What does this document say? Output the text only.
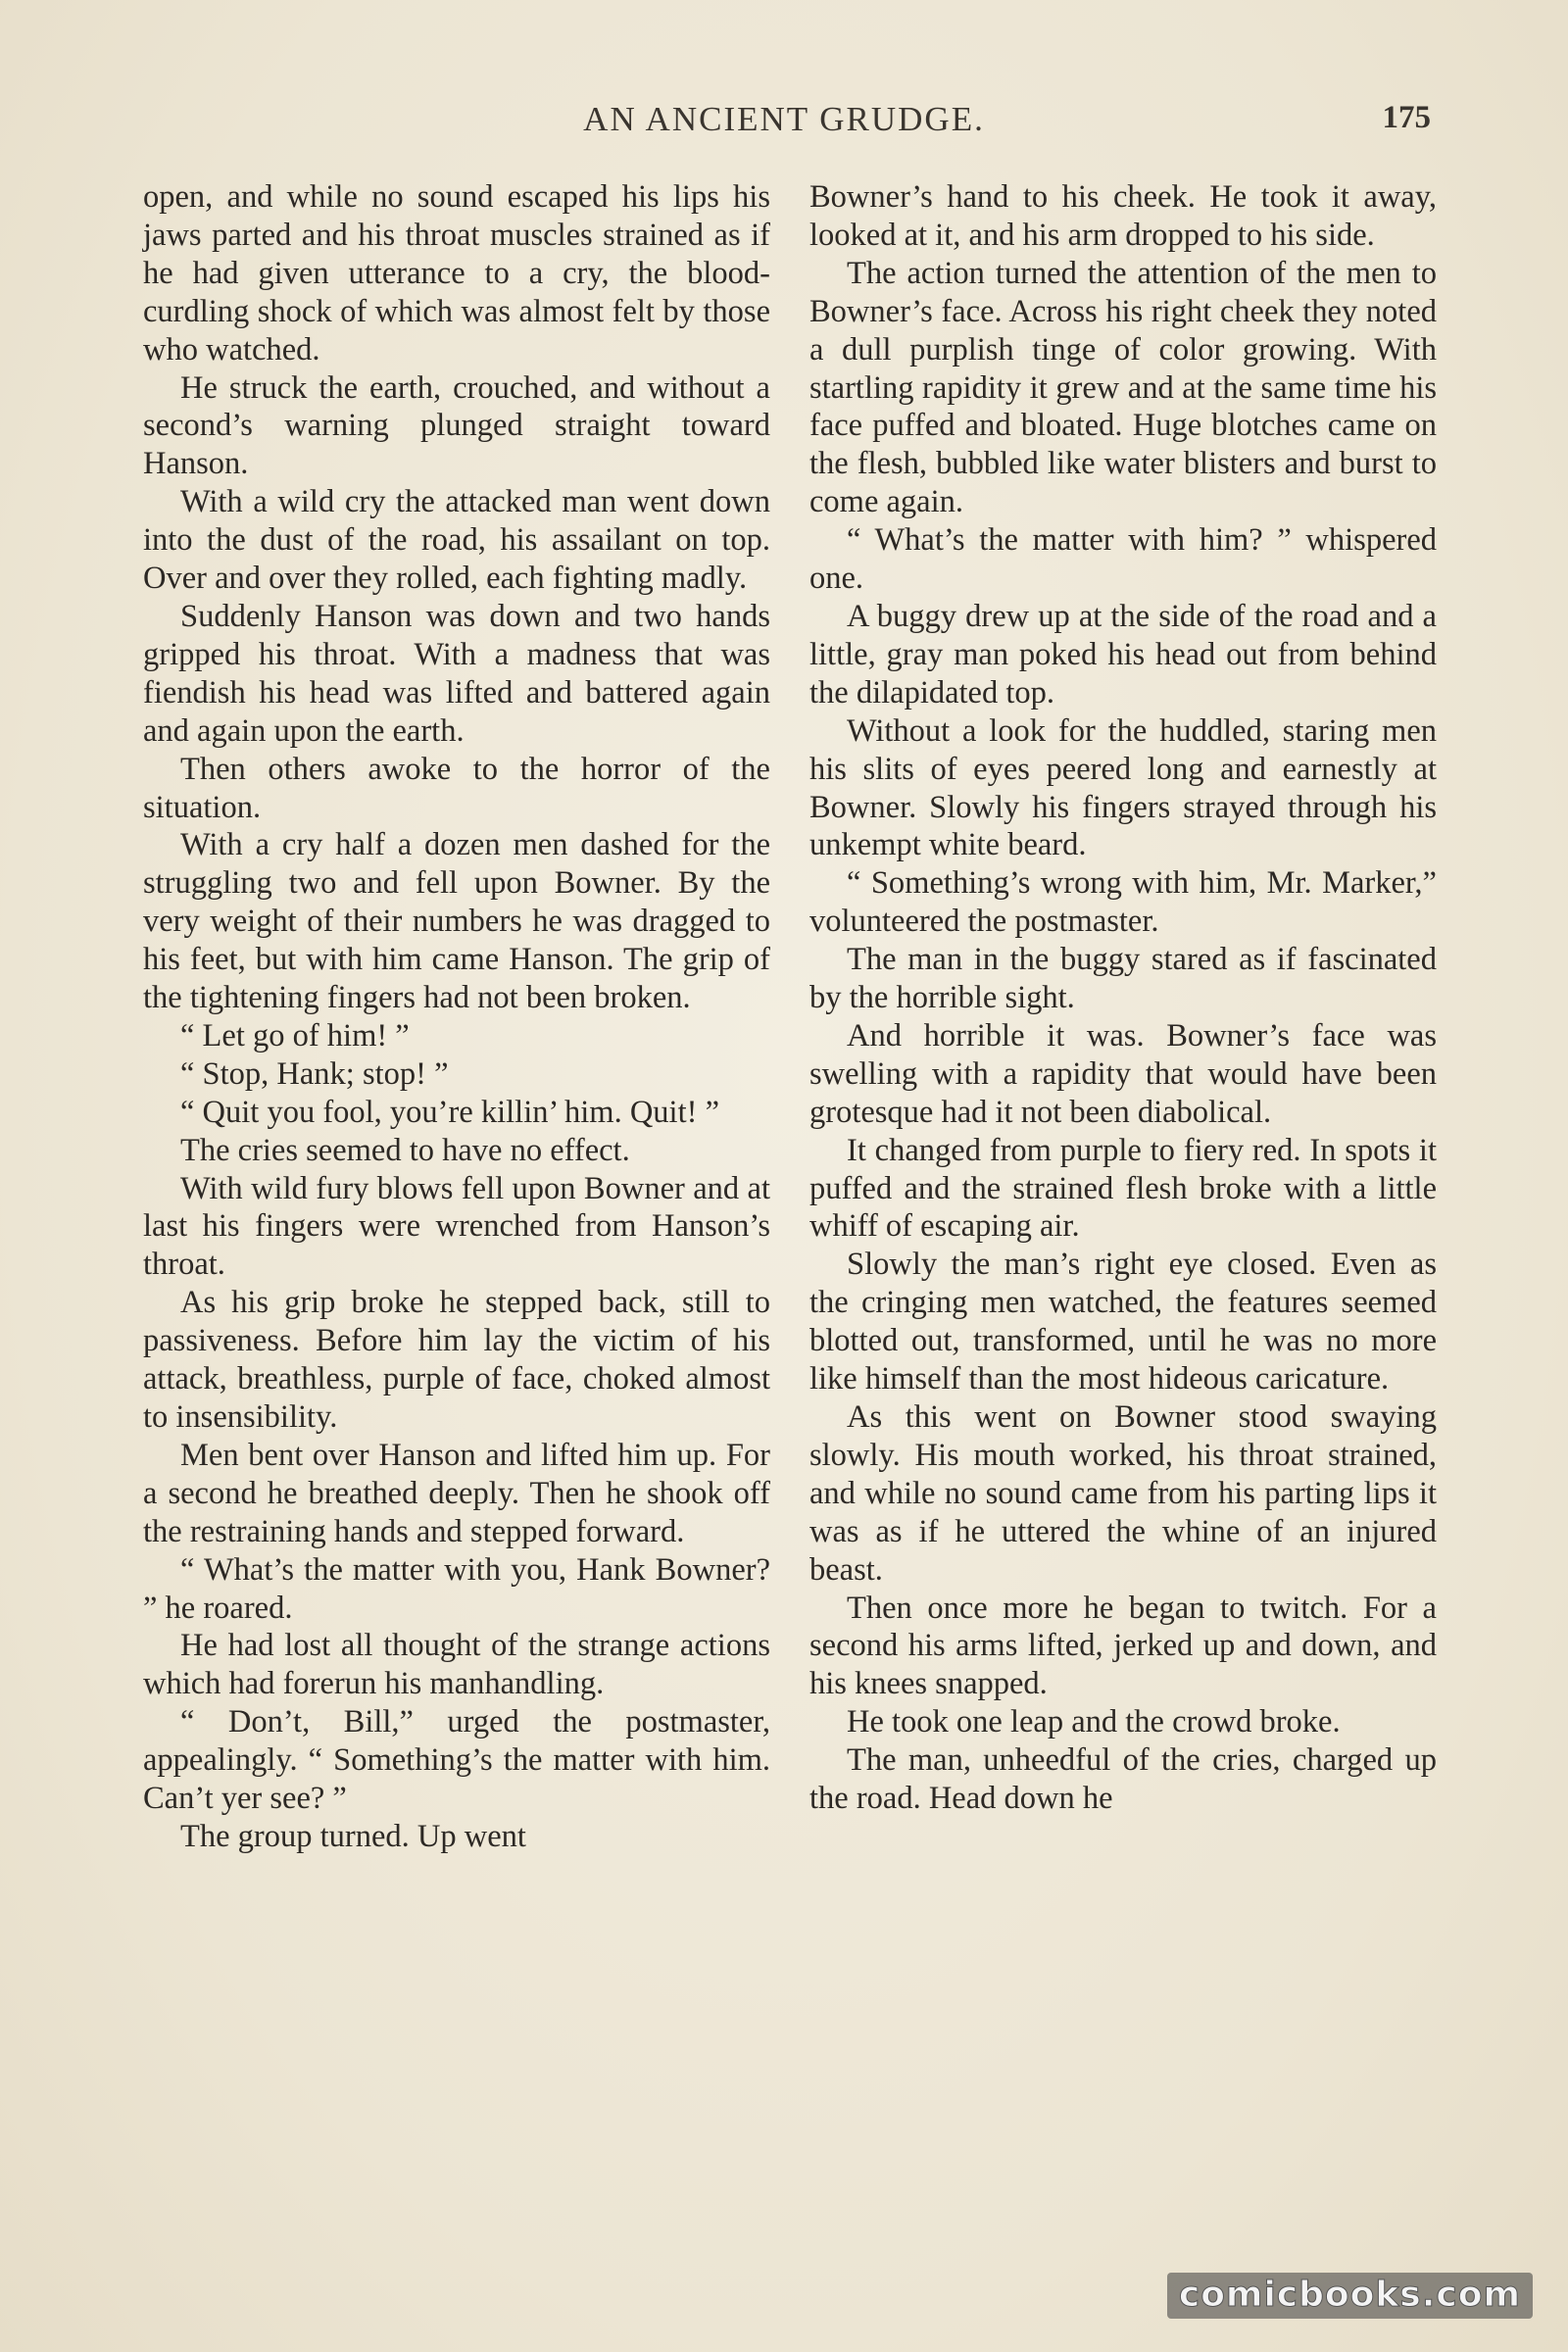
AN ANCIENT GRUDGE.	175

open, and while no sound escaped his lips his jaws parted and his throat muscles strained as if he had given utterance to a cry, the blood-curdling shock of which was almost felt by those who watched.

He struck the earth, crouched, and without a second’s warning plunged straight toward Hanson.

With a wild cry the attacked man went down into the dust of the road, his assailant on top. Over and over they rolled, each fighting madly.

Suddenly Hanson was down and two hands gripped his throat. With a madness that was fiendish his head was lifted and battered again and again upon the earth.

Then others awoke to the horror of the situation.

With a cry half a dozen men dashed for the struggling two and fell upon Bowner. By the very weight of their numbers he was dragged to his feet, but with him came Hanson. The grip of the tightening fingers had not been broken.

“ Let go of him! ”

“ Stop, Hank; stop! ”

“ Quit you fool, you’re killin’ him. Quit! ”

The cries seemed to have no effect.

With wild fury blows fell upon Bowner and at last his fingers were wrenched from Hanson’s throat.

As his grip broke he stepped back, still to passiveness. Before him lay the victim of his attack, breathless, purple of face, choked almost to insensibility.

Men bent over Hanson and lifted him up. For a second he breathed deeply. Then he shook off the restraining hands and stepped forward.

“ What’s the matter with you, Hank Bowner? ” he roared.

He had lost all thought of the strange actions which had forerun his manhandling.

“ Don’t, Bill,” urged the postmaster, appealingly. “ Something’s the matter with him. Can’t yer see? ”

The group turned. Up went

Bowner’s hand to his cheek. He took it away, looked at it, and his arm dropped to his side.

The action turned the attention of the men to Bowner’s face. Across his right cheek they noted a dull purplish tinge of color growing. With startling rapidity it grew and at the same time his face puffed and bloated. Huge blotches came on the flesh, bubbled like water blisters and burst to come again.

“ What’s the matter with him? ” whispered one.

A buggy drew up at the side of the road and a little, gray man poked his head out from behind the dilapidated top.

Without a look for the huddled, staring men his slits of eyes peered long and earnestly at Bowner. Slowly his fingers strayed through his unkempt white beard.

“ Something’s wrong with him, Mr. Marker,” volunteered the postmaster.

The man in the buggy stared as if fascinated by the horrible sight.

And horrible it was. Bowner’s face was swelling with a rapidity that would have been grotesque had it not been diabolical.

It changed from purple to fiery red. In spots it puffed and the strained flesh broke with a little whiff of escaping air.

Slowly the man’s right eye closed. Even as the cringing men watched, the features seemed blotted out, transformed, until he was no more like himself than the most hideous caricature.

As this went on Bowner stood swaying slowly. His mouth worked, his throat strained, and while no sound came from his parting lips it was as if he uttered the whine of an injured beast.

Then once more he began to twitch. For a second his arms lifted, jerked up and down, and his knees snapped.

He took one leap and the crowd broke.

The man, unheedful of the cries, charged up the road. Head down he

comicbooks.com
